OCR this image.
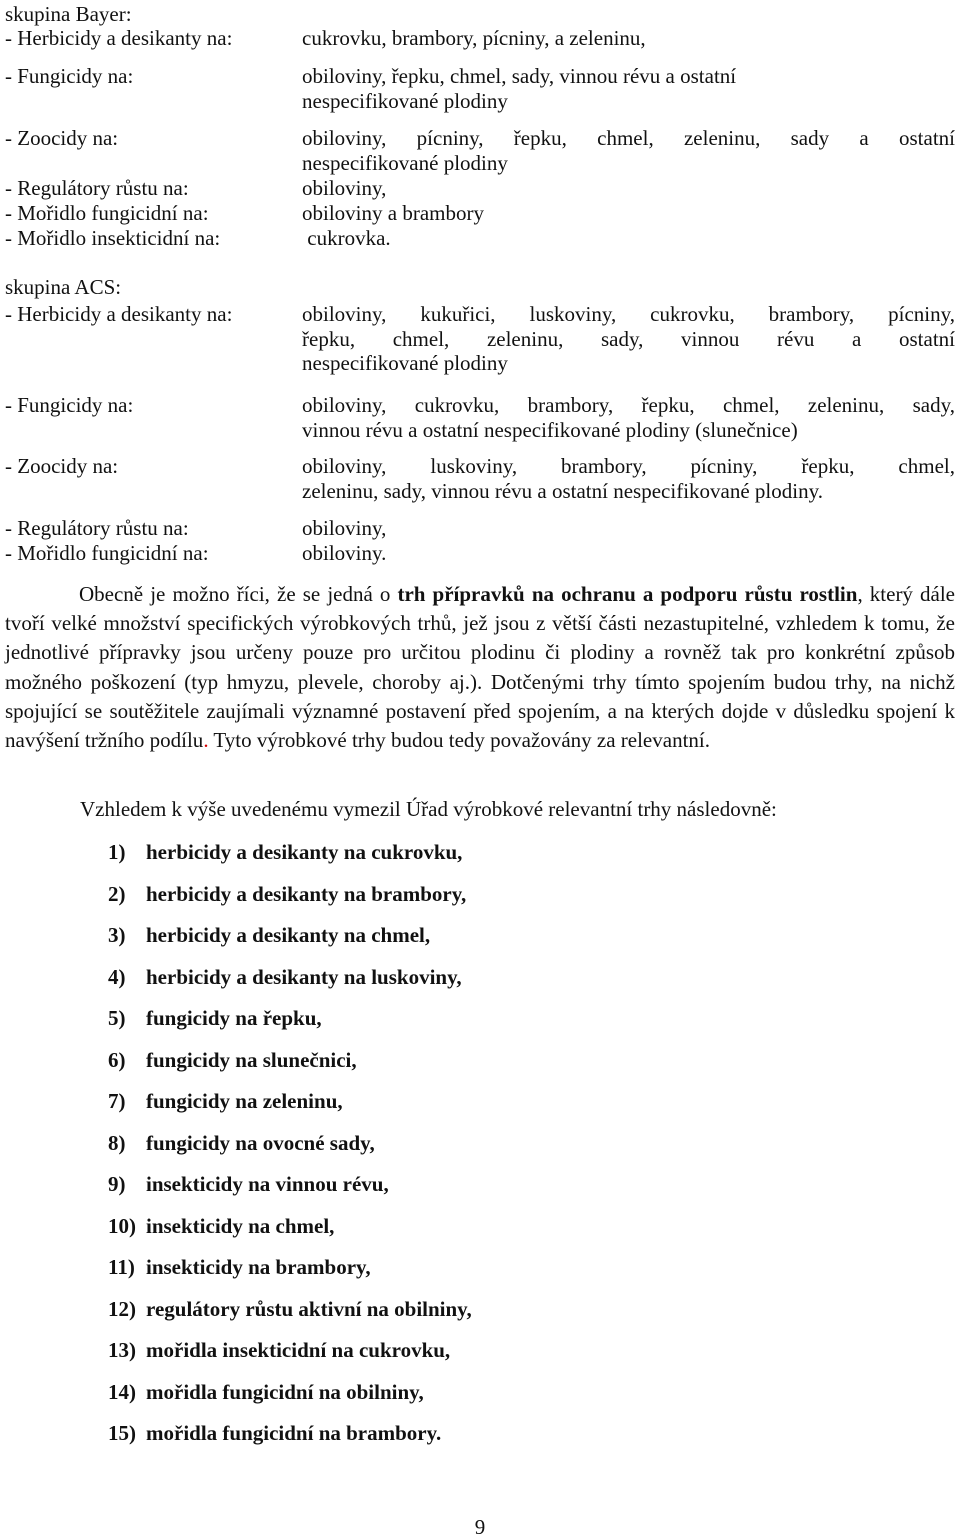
skupina Bayer:
- Herbicidy a desikanty na:	cukrovku, brambory, pícniny, a zeleninu,
- Fungicidy na:	obiloviny, řepku, chmel, sady, vinnou révu a ostatní
nespecifikované plodiny
- Zoocidy na:	obiloviny, pícniny, řepku, chmel, zeleninu, sady a ostatní
nespecifikované plodiny
- Regulátory růstu na:	obiloviny,
- Mořidlo fungicidní na:	obiloviny a brambory
- Mořidlo insekticidní na:	cukrovka.
skupina ACS:
- Herbicidy a desikanty na:	obiloviny, kukuřici, luskoviny, cukrovku, brambory, pícniny,
řepku, chmel, zeleninu, sady, vinnou révu a ostatní
nespecifikované plodiny
- Fungicidy na:	obiloviny, cukrovku, brambory, řepku, chmel, zeleninu, sady,
vinnou révu a ostatní nespecifikované plodiny (slunečnice)
- Zoocidy na:	obiloviny, luskoviny, brambory, pícniny, řepku, chmel,
zeleninu, sady, vinnou révu a ostatní nespecifikované plodiny.
- Regulátory růstu na:	obiloviny,
- Mořidlo fungicidní na:	obiloviny.
Obecně je možno říci, že se jedná o trh přípravků na ochranu a podporu růstu rostlin, který dále tvoří velké množství specifických výrobkových trhů, jež jsou z větší části nezastupitelné, vzhledem k tomu, že jednotlivé přípravky jsou určeny pouze pro určitou plodinu či plodiny a rovněž tak pro konkrétní způsob možného poškození (typ hmyzu, plevele, choroby aj.). Dotčenými trhy tímto spojením budou trhy, na nichž spojující se soutěžitele zaujímali významné postavení před spojením, a na kterých dojde v důsledku spojení k navýšení tržního podílu. Tyto výrobkové trhy budou tedy považovány za relevantní.
Vzhledem k výše uvedenému vymezil Úřad výrobkové relevantní trhy následovně:
1) herbicidy a desikanty na cukrovku,
2) herbicidy a desikanty na brambory,
3) herbicidy a desikanty na chmel,
4) herbicidy a desikanty na luskoviny,
5) fungicidy na řepku,
6) fungicidy na slunečnici,
7) fungicidy na zeleninu,
8) fungicidy na ovocné sady,
9) insekticidy na vinnou révu,
10) insekticidy na chmel,
11) insekticidy na brambory,
12) regulátory růstu aktivní na obilniny,
13) mořidla insekticidní na cukrovku,
14) mořidla fungicidní na obilniny,
15) mořidla fungicidní na brambory.
9
